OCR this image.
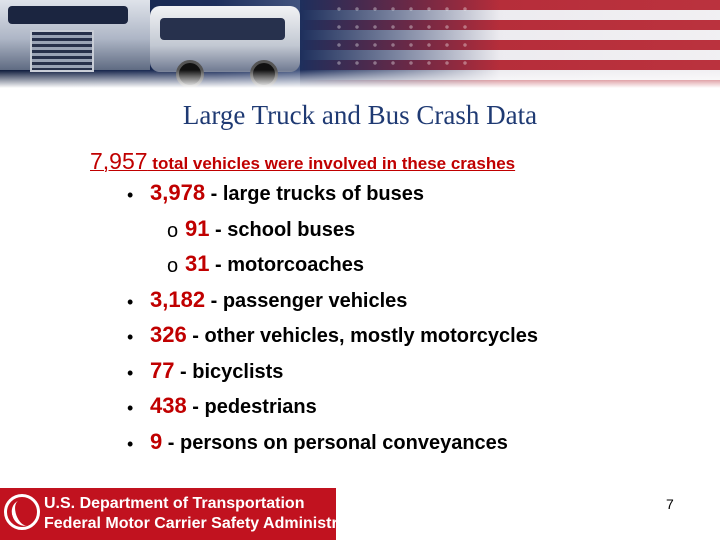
Large Truck and Bus Crash Data
7,957 total vehicles were involved in these crashes
• 3,978 - large trucks of buses
o 91 - school buses
o 31 - motorcoaches
• 3,182 - passenger vehicles
• 326 - other vehicles, mostly motorcycles
• 77 - bicyclists
• 438 - pedestrians
• 9 - persons on personal conveyances
U.S. Department of Transportation
Federal Motor Carrier Safety Administration
7
